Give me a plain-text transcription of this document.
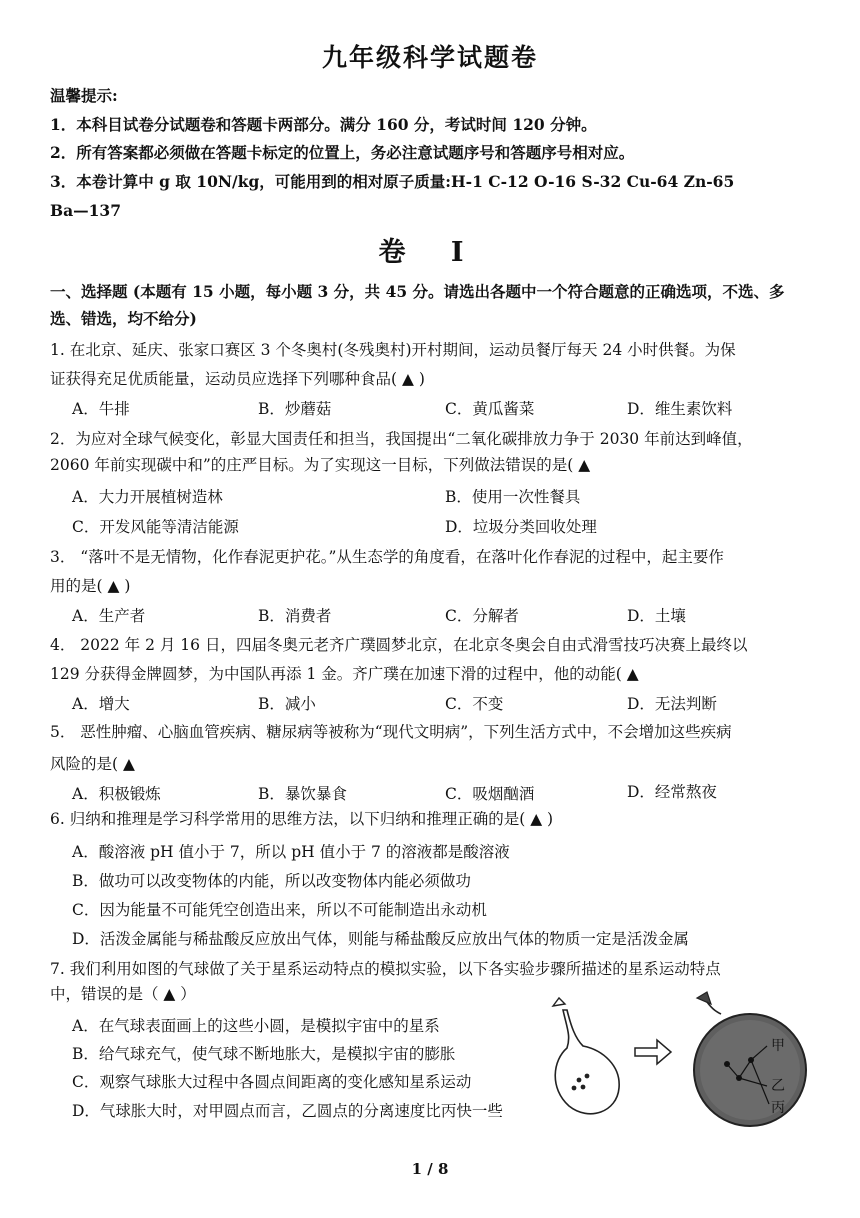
九年级科学试题卷
温馨提示:
1．本科目试卷分试题卷和答题卡两部分。满分 160 分，考试时间 120 分钟。
2．所有答案都必须做在答题卡标定的位置上，务必注意试题序号和答题序号相对应。
3．本卷计算中 g 取 10N/kg，可能用到的相对原子质量:H-1 C-12 O-16 S-32 Cu-64 Zn-65
Ba—137
卷 I
一、选择题 (本题有 15 小题，每小题 3 分，共 45 分。请选出各题中一个符合题意的正确选项，不选、多
选、错选，均不给分)
1. 在北京、延庆、张家口赛区 3 个冬奥村(冬残奥村)开村期间，运动员餐厅每天 24 小时供餐。为保
证获得充足优质能量，运动员应选择下列哪种食品( ▲ )
A．牛排	B．炒蘑菇	C．黄瓜酱菜	D．维生素饮料
2．为应对全球气候变化，彰显大国责任和担当，我国提出“二氧化碳排放力争于 2030 年前达到峰值，
2060 年前实现碳中和”的庄严目标。为了实现这一目标，下列做法错误的是( ▲
A．大力开展植树造林	B．使用一次性餐具
C．开发风能等清洁能源	D．垃圾分类回收处理
3． “落叶不是无情物，化作春泥更护花。”从生态学的角度看，在落叶化作春泥的过程中，起主要作
用的是( ▲ )
A．生产者	B．消费者	C．分解者	D．土壤
4． 2022 年 2 月 16 日，四届冬奥元老齐广璞圆梦北京，在北京冬奥会自由式滑雪技巧决赛上最终以
129 分获得金牌圆梦，为中国队再添 1 金。齐广璞在加速下滑的过程中，他的动能( ▲
A．增大	B．减小	C．不变	D．无法判断
5． 恶性肿瘤、心脑血管疾病、糖尿病等被称为“现代文明病”，下列生活方式中，不会增加这些疾病
风险的是( ▲
A．积极锻炼	B．暴饮暴食	C．吸烟酗酒	D．经常熬夜
6. 归纳和推理是学习科学常用的思维方法，以下归纳和推理正确的是( ▲ )
A．酸溶液 pH 值小于 7，所以 pH 值小于 7 的溶液都是酸溶液
B．做功可以改变物体的内能，所以改变物体内能必须做功
C．因为能量不可能凭空创造出来，所以不可能制造出永动机
D．活泼金属能与稀盐酸反应放出气体，则能与稀盐酸反应放出气体的物质一定是活泼金属
7. 我们利用如图的气球做了关于星系运动特点的模拟实验，以下各实验步骤所描述的星系运动特点
中，错误的是（ ▲ ）
A．在气球表面画上的这些小圆，是模拟宇宙中的星系
B．给气球充气，使气球不断地胀大，是模拟宇宙的膨胀
C．观察气球胀大过程中各圆点间距离的变化感知星系运动
D．气球胀大时，对甲圆点而言，乙圆点的分离速度比丙快一些
甲
乙
丙
1 / 8
